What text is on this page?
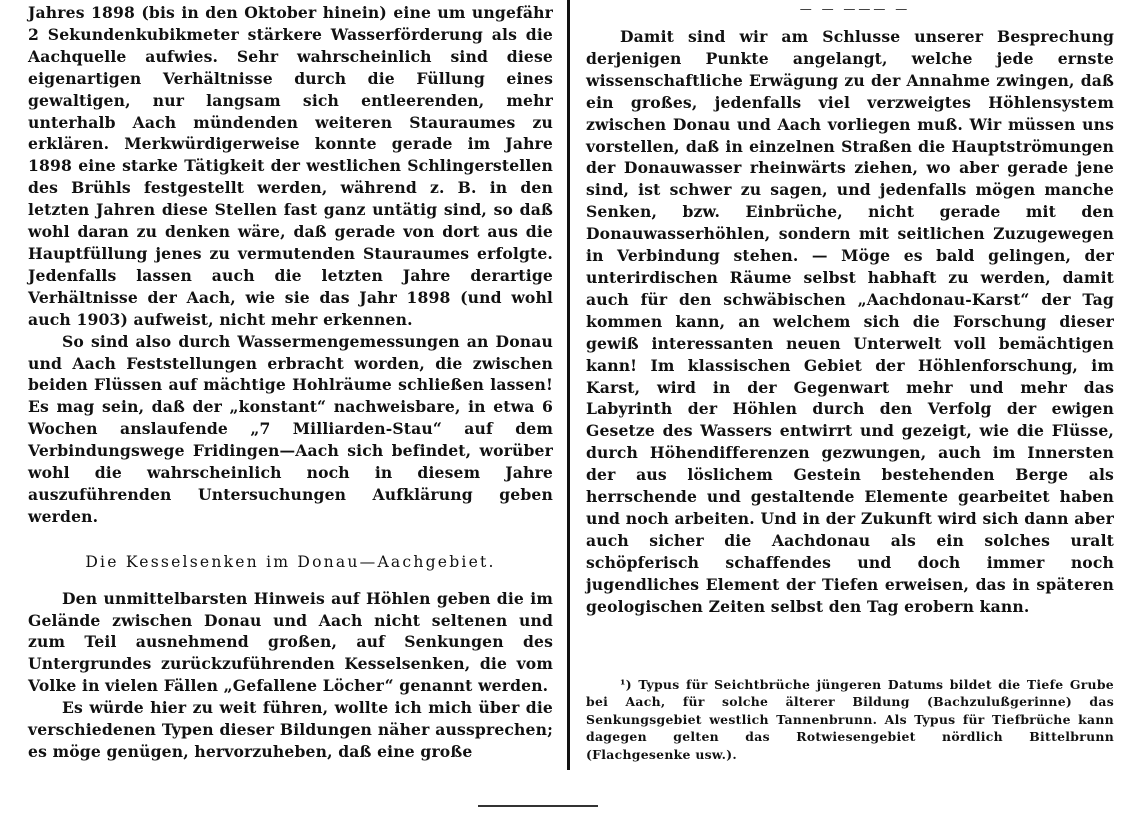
Jahres 1898 (bis in den Oktober hinein) eine um ungefähr 2 Sekundenkubikmeter stärkere Wasserförderung als die Aachquelle aufwies. Sehr wahrscheinlich sind diese eigenartigen Verhältnisse durch die Füllung eines gewaltigen, nur langsam sich entleerenden, mehr unterhalb Aach mündenden weiteren Stauraumes zu erklären. Merkwürdigerweise konnte gerade im Jahre 1898 eine starke Tätigkeit der westlichen Schlingerstellen des Brühls festgestellt werden, während z. B. in den letzten Jahren diese Stellen fast ganz untätig sind, so daß wohl daran zu denken wäre, daß gerade von dort aus die Hauptfüllung jenes zu vermutenden Stauraumes erfolgte. Jedenfalls lassen auch die letzten Jahre derartige Verhältnisse der Aach, wie sie das Jahr 1898 (und wohl auch 1903) aufweist, nicht mehr erkennen.

So sind also durch Wassermengemessungen an Donau und Aach Feststellungen erbracht worden, die zwischen beiden Flüssen auf mächtige Hohlräume schließen lassen! Es mag sein, daß der „konstant“ nachweisbare, in etwa 6 Wochen anslaufende „7 Milliarden-Stau“ auf dem Verbindungswege Fridingen—Aach sich befindet, worüber wohl die wahrscheinlich noch in diesem Jahre auszuführenden Untersuchungen Aufklärung geben werden.

Die Kesselsenken im Donau—Aachgebiet.

Den unmittelbarsten Hinweis auf Höhlen geben die im Gelände zwischen Donau und Aach nicht seltenen und zum Teil ausnehmend großen, auf Senkungen des Untergrundes zurückzuführenden Kesselsenken, die vom Volke in vielen Fällen „Gefallene Löcher“ genannt werden.

Es würde hier zu weit führen, wollte ich mich über die verschiedenen Typen dieser Bildungen näher aussprechen; es möge genügen, hervorzuheben, daß eine große

— — ——— —

Damit sind wir am Schlusse unserer Besprechung derjenigen Punkte angelangt, welche jede ernste wissenschaftliche Erwägung zu der Annahme zwingen, daß ein großes, jedenfalls viel verzweigtes Höhlensystem zwischen Donau und Aach vorliegen muß. Wir müssen uns vorstellen, daß in einzelnen Straßen die Hauptströmungen der Donauwasser rheinwärts ziehen, wo aber gerade jene sind, ist schwer zu sagen, und jedenfalls mögen manche Senken, bzw. Einbrüche, nicht gerade mit den Donauwasserhöhlen, sondern mit seitlichen Zuzugewegen in Verbindung stehen. — Möge es bald gelingen, der unterirdischen Räume selbst habhaft zu werden, damit auch für den schwäbischen „Aachdonau-Karst“ der Tag kommen kann, an welchem sich die Forschung dieser gewiß interessanten neuen Unterwelt voll bemächtigen kann! Im klassischen Gebiet der Höhlenforschung, im Karst, wird in der Gegenwart mehr und mehr das Labyrinth der Höhlen durch den Verfolg der ewigen Gesetze des Wassers entwirrt und gezeigt, wie die Flüsse, durch Höhendifferenzen gezwungen, auch im Innersten der aus löslichem Gestein bestehenden Berge als herrschende und gestaltende Elemente gearbeitet haben und noch arbeiten. Und in der Zukunft wird sich dann aber auch sicher die Aachdonau als ein solches uralt schöpferisch schaffendes und doch immer noch jugendliches Element der Tiefen erweisen, das in späteren geologischen Zeiten selbst den Tag erobern kann.

¹) Typus für Seichtbrüche jüngeren Datums bildet die Tiefe Grube bei Aach, für solche älterer Bildung (Bachzulußgerinne) das Senkungsgebiet westlich Tannenbrunn. Als Typus für Tiefbrüche kann dagegen gelten das Rotwiesengebiet nördlich Bittelbrunn (Flachgesenke usw.).
